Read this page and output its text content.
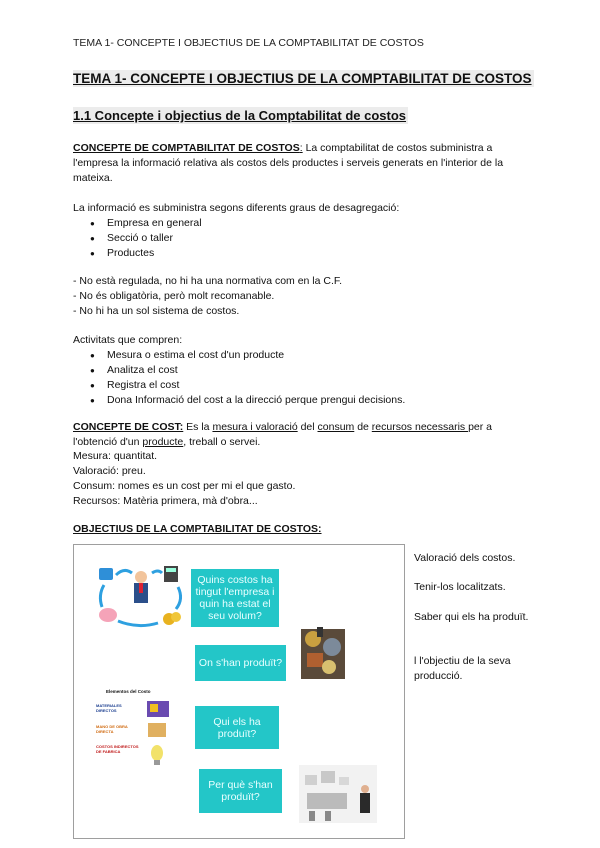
TEMA 1- CONCEPTE I OBJECTIUS DE LA COMPTABILITAT DE COSTOS
TEMA 1- CONCEPTE I OBJECTIUS DE LA COMPTABILITAT DE COSTOS
1.1 Concepte i objectius de la Comptabilitat de costos
CONCEPTE DE COMPTABILITAT DE COSTOS: La comptabilitat de costos subministra a l'empresa la informació relativa als costos dels productes i serveis generats en l'interior de la mateixa.
La informació es subministra segons diferents graus de desagregació:
● Empresa en general
● Secció o taller
● Productes
- No està regulada, no hi ha una normativa com en la C.F.
- No és obligatòria, però molt recomanable.
- No hi ha un sol sistema de costos.
Activitats que compren:
● Mesura o estima el cost d'un producte
● Analitza el cost
● Registra el cost
● Dona Informació del cost a la direcció perque prengui decisions.
CONCEPTE DE COST: Es la mesura i valoració del consum de recursos necessaris per a l'obtenció d'un producte, treball o servei.
Mesura: quantitat.
Valoració: preu.
Consum: nomes es un cost per mi el que gasto.
Recursos: Matèria primera, mà d'obra...
OBJECTIUS DE LA COMPTABILITAT DE COSTOS:
Quins costos ha tingut l'empresa i quin ha estat el seu volum?
On s'han produït?
Qui els ha produït?
Per què s'han produït?
Elementos del Costo
MATERIALES DIRECTOS
MANO DE OBRA DIRECTA
COSTOS INDIRECTOS DE FABRICA
Valoració dels costos.
Tenir-los localitzats.
Saber qui els ha produït.
l l'objectiu de la seva producció.
